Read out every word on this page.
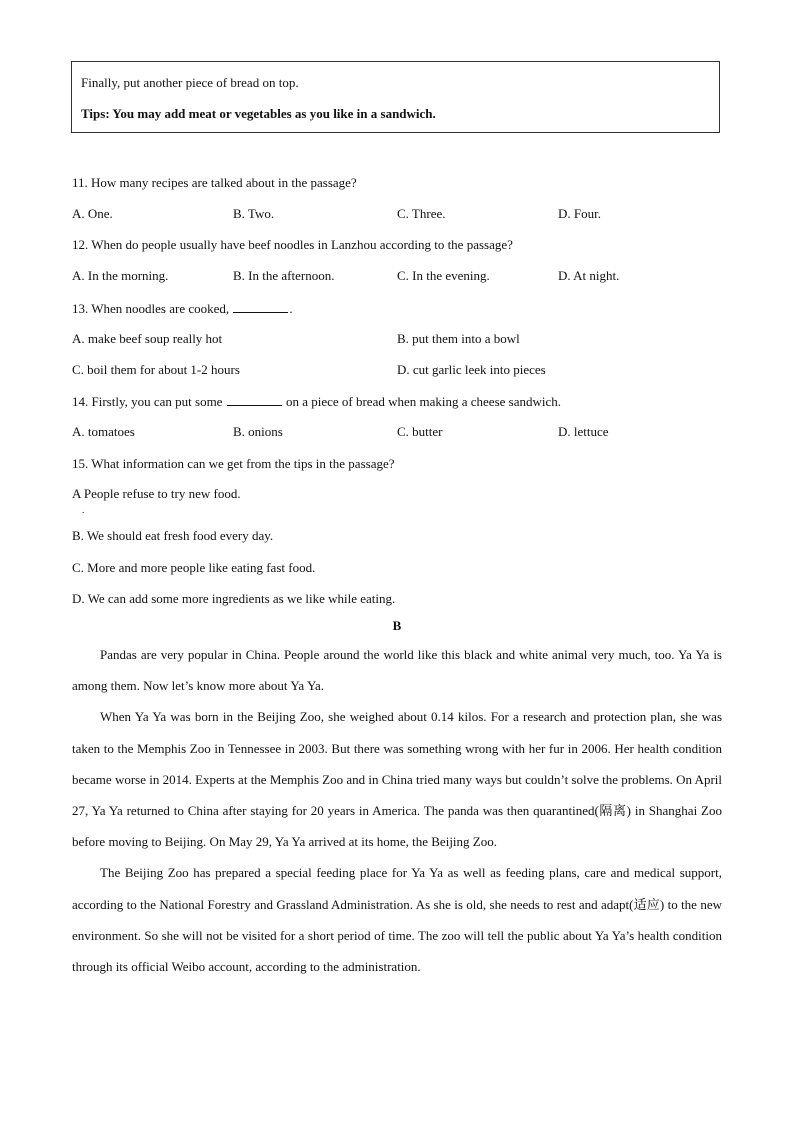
Finally, put another piece of bread on top.
Tips: You may add meat or vegetables as you like in a sandwich.
11. How many recipes are talked about in the passage?
A. One.	B. Two.	C. Three.	D. Four.
12. When do people usually have beef noodles in Lanzhou according to the passage?
A. In the morning.	B. In the afternoon.	C. In the evening.	D. At night.
13. When noodles are cooked,	.
A. make beef soup really hot	B. put them into a bowl
C. boil them for about 1-2 hours	D. cut garlic leek into pieces
14. Firstly, you can put some	on a piece of bread when making a cheese sandwich.
A. tomatoes	B. onions	C. butter	D. lettuce
15. What information can we get from the tips in the passage?
A People refuse to try new food.
.
B. We should eat fresh food every day.
C. More and more people like eating fast food.
D. We can add some more ingredients as we like while eating.
B

Pandas are very popular in China. People around the world like this black and white animal very much, too. Ya Ya is among them. Now let’s know more about Ya Ya.

When Ya Ya was born in the Beijing Zoo, she weighed about 0.14 kilos. For a research and protection plan, she was taken to the Memphis Zoo in Tennessee in 2003. But there was something wrong with her fur in 2006. Her health condition became worse in 2014. Experts at the Memphis Zoo and in China tried many ways but couldn’t solve the problems. On April 27, Ya Ya returned to China after staying for 20 years in America. The panda was then quarantined(隔离) in Shanghai Zoo before moving to Beijing. On May 29, Ya Ya arrived at its home, the Beijing Zoo.

The Beijing Zoo has prepared a special feeding place for Ya Ya as well as feeding plans, care and medical support, according to the National Forestry and Grassland Administration. As she is old, she needs to rest and adapt(适应) to the new environment. So she will not be visited for a short period of time. The zoo will tell the public about Ya Ya’s health condition through its official Weibo account, according to the administration.
